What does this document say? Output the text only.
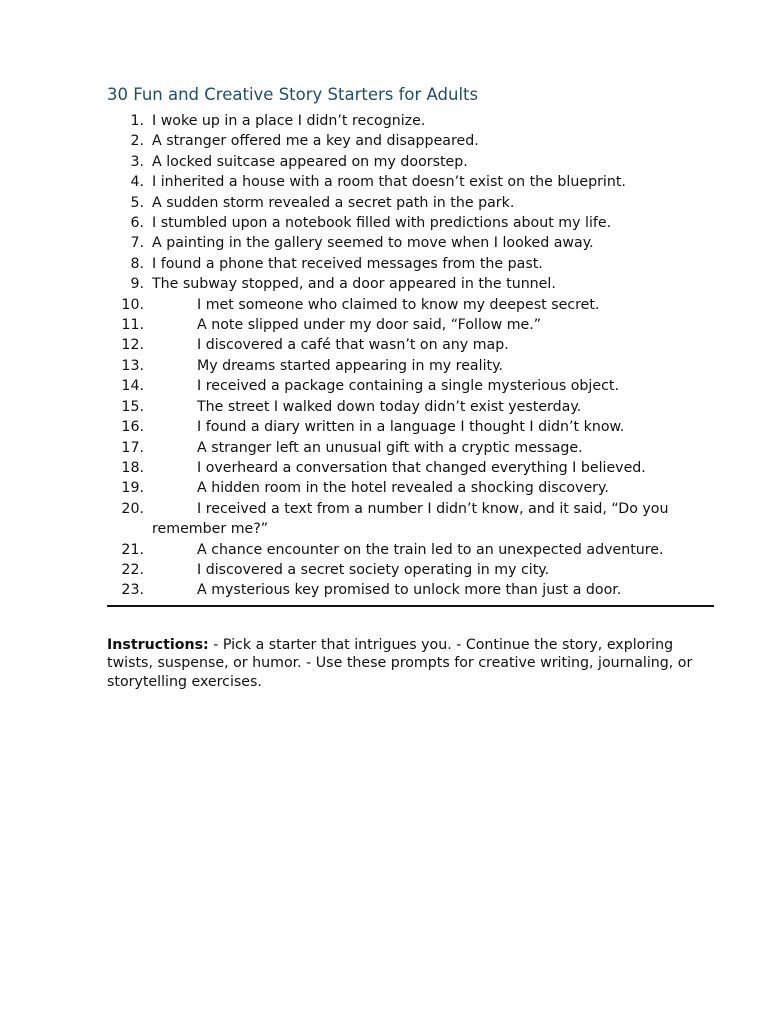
30 Fun and Creative Story Starters for Adults
1. I woke up in a place I didn’t recognize.
2. A stranger offered me a key and disappeared.
3. A locked suitcase appeared on my doorstep.
4. I inherited a house with a room that doesn’t exist on the blueprint.
5. A sudden storm revealed a secret path in the park.
6. I stumbled upon a notebook filled with predictions about my life.
7. A painting in the gallery seemed to move when I looked away.
8. I found a phone that received messages from the past.
9. The subway stopped, and a door appeared in the tunnel.
10.	I met someone who claimed to know my deepest secret.
11.	A note slipped under my door said, “Follow me.”
12.	I discovered a café that wasn’t on any map.
13.	My dreams started appearing in my reality.
14.	I received a package containing a single mysterious object.
15.	The street I walked down today didn’t exist yesterday.
16.	I found a diary written in a language I thought I didn’t know.
17.	A stranger left an unusual gift with a cryptic message.
18.	I overheard a conversation that changed everything I believed.
19.	A hidden room in the hotel revealed a shocking discovery.
20.	I received a text from a number I didn’t know, and it said, “Do you remember me?”
21.	A chance encounter on the train led to an unexpected adventure.
22.	I discovered a secret society operating in my city.
23.	A mysterious key promised to unlock more than just a door.

Instructions: - Pick a starter that intrigues you. - Continue the story, exploring twists, suspense, or humor. - Use these prompts for creative writing, journaling, or storytelling exercises.
